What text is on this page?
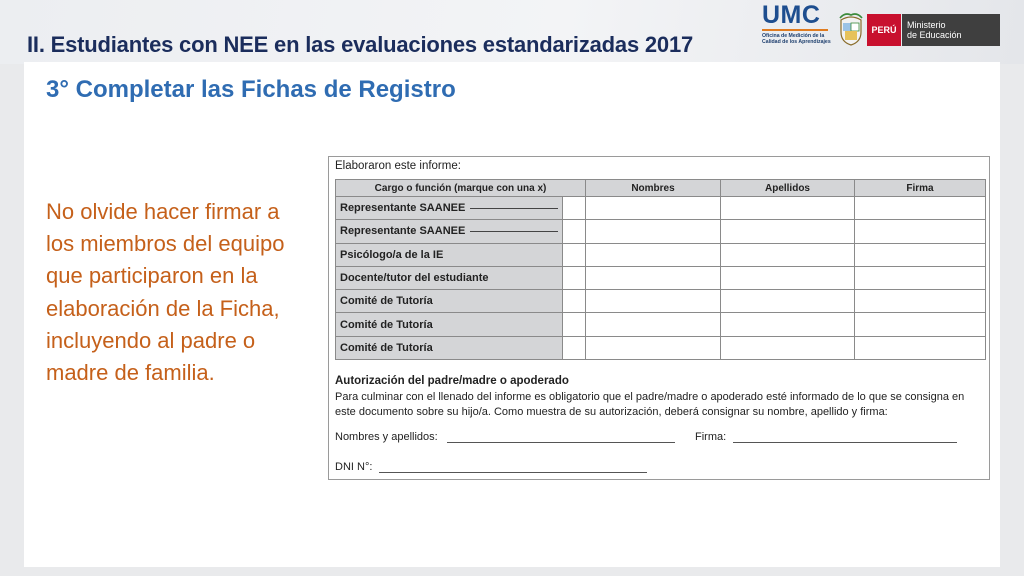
II. Estudiantes con NEE en las evaluaciones estandarizadas 2017
UMC
Oficina de Medición de la
Calidad de los Aprendizajes
PERÚ	Ministerio
de Educación
3° Completar las Fichas de Registro
No olvide hacer firmar a los miembros del equipo que participaron en la elaboración de la Ficha, incluyendo al padre o madre de familia.
Elaboraron este informe:
Cargo o función (marque con una x)		Nombres	Apellidos	Firma
Representante SAANEE				
Representante SAANEE				
Psicólogo/a de la IE				
Docente/tutor del estudiante				
Comité de Tutoría				
Comité de Tutoría				
Comité de Tutoría				
Autorización del padre/madre o apoderado
Para culminar con el llenado del informe es obligatorio que el padre/madre o apoderado esté informado de lo que se consigna en este documento sobre su hijo/a. Como muestra de su autorización, deberá consignar su nombre, apellido y firma:
Nombres y apellidos:	Firma:
DNI N°:
